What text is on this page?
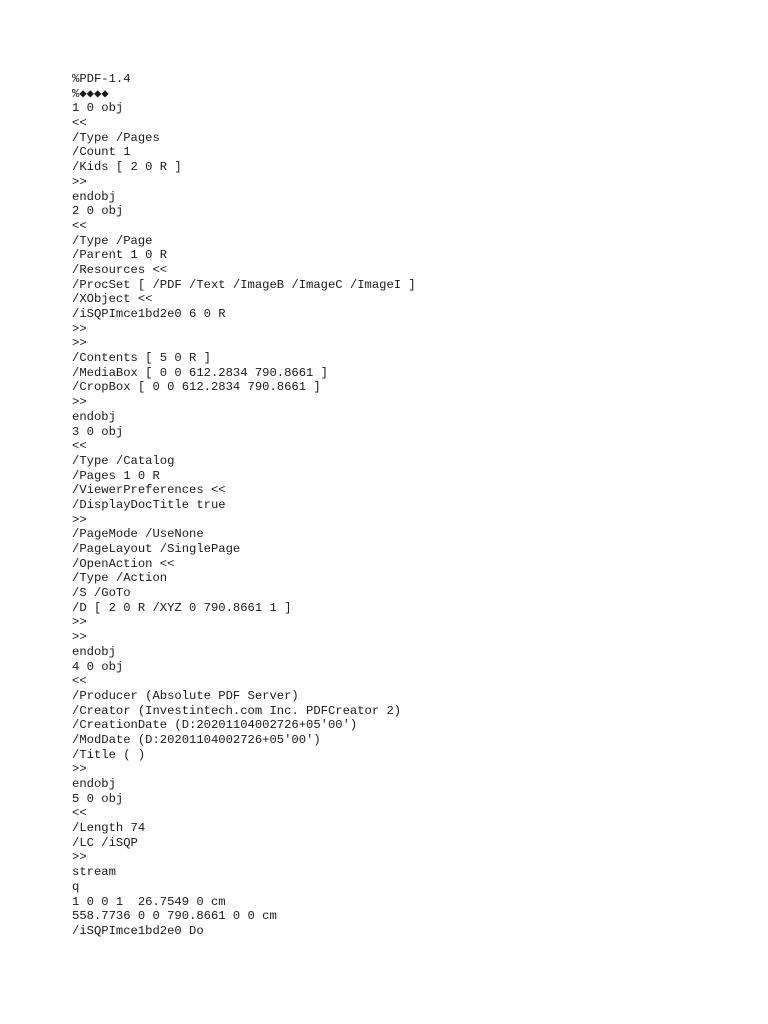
%PDF-1.4
%◆◆◆◆
1 0 obj
<<
/Type /Pages
/Count 1
/Kids [ 2 0 R ]
>>
endobj
2 0 obj
<<
/Type /Page
/Parent 1 0 R
/Resources <<
/ProcSet [ /PDF /Text /ImageB /ImageC /ImageI ]
/XObject <<
/iSQPImce1bd2e0 6 0 R
>>
>>
/Contents [ 5 0 R ]
/MediaBox [ 0 0 612.2834 790.8661 ]
/CropBox [ 0 0 612.2834 790.8661 ]
>>
endobj
3 0 obj
<<
/Type /Catalog
/Pages 1 0 R
/ViewerPreferences <<
/DisplayDocTitle true
>>
/PageMode /UseNone
/PageLayout /SinglePage
/OpenAction <<
/Type /Action
/S /GoTo
/D [ 2 0 R /XYZ 0 790.8661 1 ]
>>
>>
endobj
4 0 obj
<<
/Producer (Absolute PDF Server)
/Creator (Investintech.com Inc. PDFCreator 2)
/CreationDate (D:20201104002726+05'00')
/ModDate (D:20201104002726+05'00')
/Title ( )
>>
endobj
5 0 obj
<<
/Length 74
/LC /iSQP
>>
stream
q
1 0 0 1  26.7549 0 cm
558.7736 0 0 790.8661 0 0 cm
/iSQPImce1bd2e0 Do
